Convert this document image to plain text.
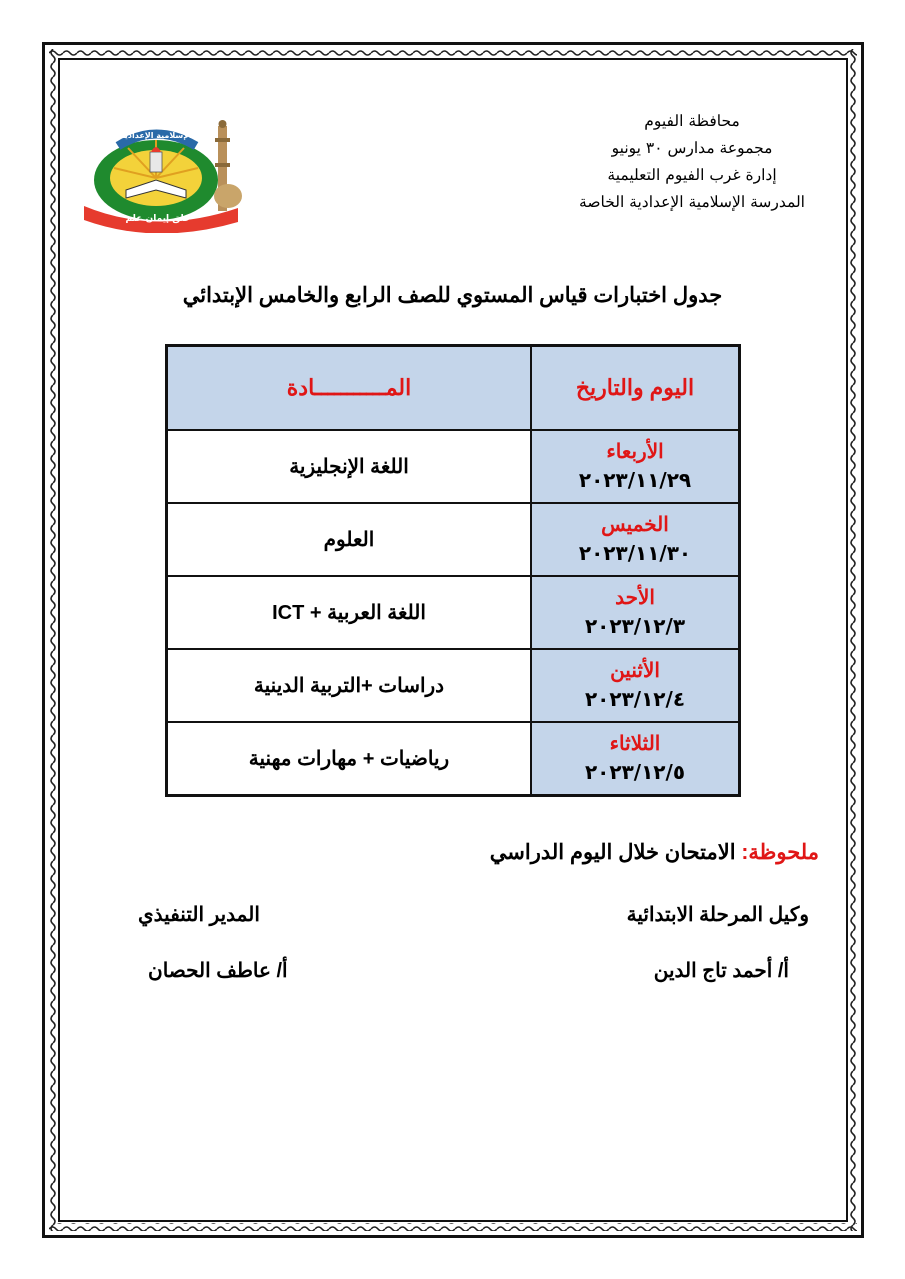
الإسلامية الإعدادية
خلق إيمان علم
محافظة الفيوم
مجموعة مدارس ٣٠ يونيو
إدارة غرب الفيوم التعليمية
المدرسة الإسلامية الإعدادية الخاصة
جدول اختبارات قياس المستوي للصف الرابع والخامس الإبتدائي
اليوم والتاريخ	المـــــــــــادة

الأربعاء
٢٠٢٣/١١/٢٩	اللغة الإنجليزية

الخميس
٢٠٢٣/١١/٣٠	العلوم

الأحد
٢٠٢٣/١٢/٣	اللغة العربية + ICT

الأثنين
٢٠٢٣/١٢/٤	دراسات +التربية الدينية

الثلاثاء
٢٠٢٣/١٢/٥	رياضيات + مهارات مهنية
ملحوظة: الامتحان خلال اليوم الدراسي
وكيل المرحلة الابتدائية
أ/ أحمد تاج الدين
المدير التنفيذي
أ/ عاطف الحصان
